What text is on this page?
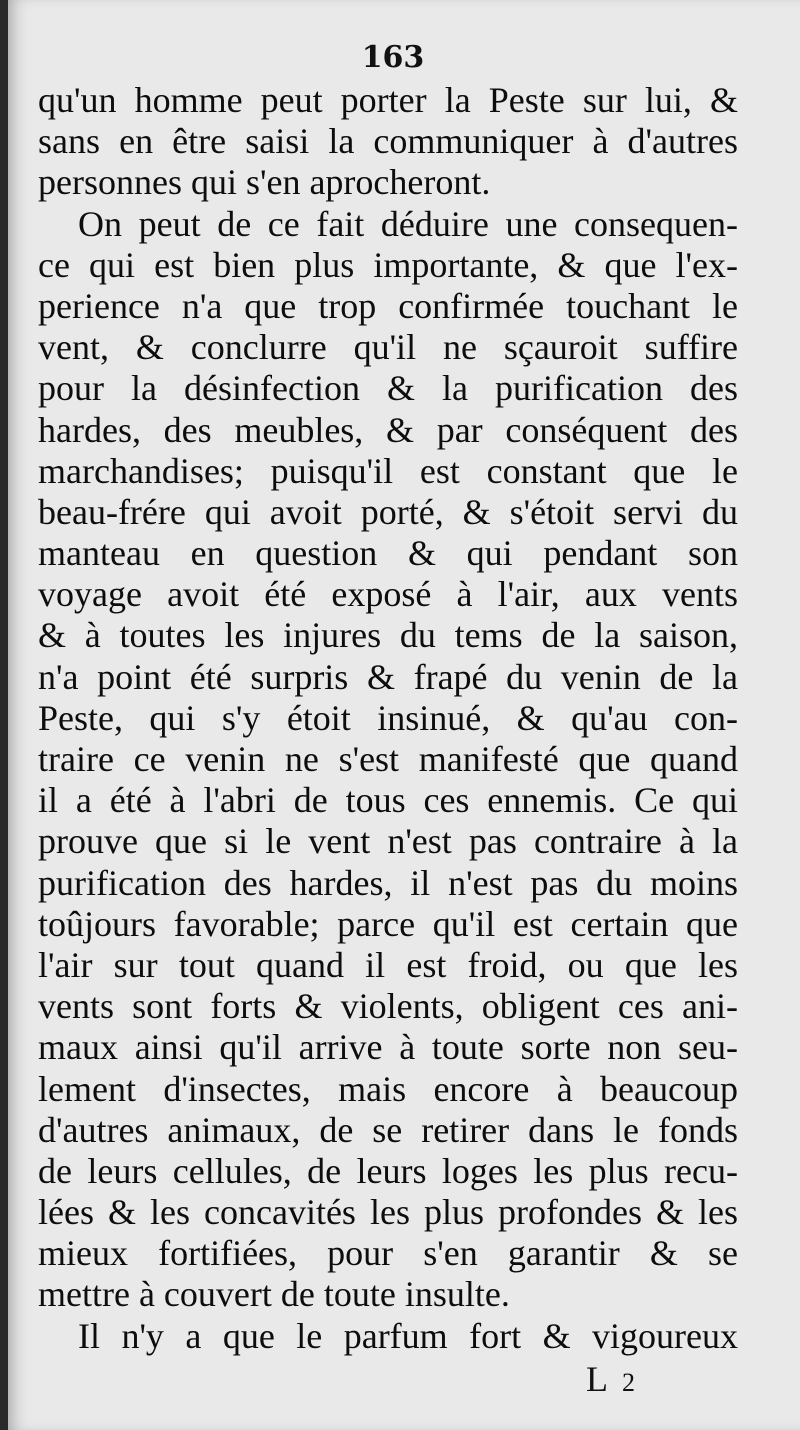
163
qu'un homme peut porter la Peste sur lui, &
sans en être saisi la communiquer à d'autres
personnes qui s'en aprocheront.
On peut de ce fait déduire une consequen-
ce qui est bien plus importante, & que l'ex-
perience n'a que trop confirmée touchant le
vent, & conclurre qu'il ne sçauroit suffire
pour la désinfection & la purification des
hardes, des meubles, & par conséquent des
marchandises; puisqu'il est constant que le
beau-frére qui avoit porté, & s'étoit servi du
manteau en question & qui pendant son
voyage avoit été exposé à l'air, aux vents
& à toutes les injures du tems de la saison,
n'a point été surpris & frapé du venin de la
Peste, qui s'y étoit insinué, & qu'au con-
traire ce venin ne s'est manifesté que quand
il a été à l'abri de tous ces ennemis. Ce qui
prouve que si le vent n'est pas contraire à la
purification des hardes, il n'est pas du moins
toûjours favorable; parce qu'il est certain que
l'air sur tout quand il est froid, ou que les
vents sont forts & violents, obligent ces ani-
maux ainsi qu'il arrive à toute sorte non seu-
lement d'insectes, mais encore à beaucoup
d'autres animaux, de se retirer dans le fonds
de leurs cellules, de leurs loges les plus recu-
lées & les concavités les plus profondes & les
mieux fortifiées, pour s'en garantir & se
mettre à couvert de toute insulte.
Il n'y a que le parfum fort & vigoureux
L 2
